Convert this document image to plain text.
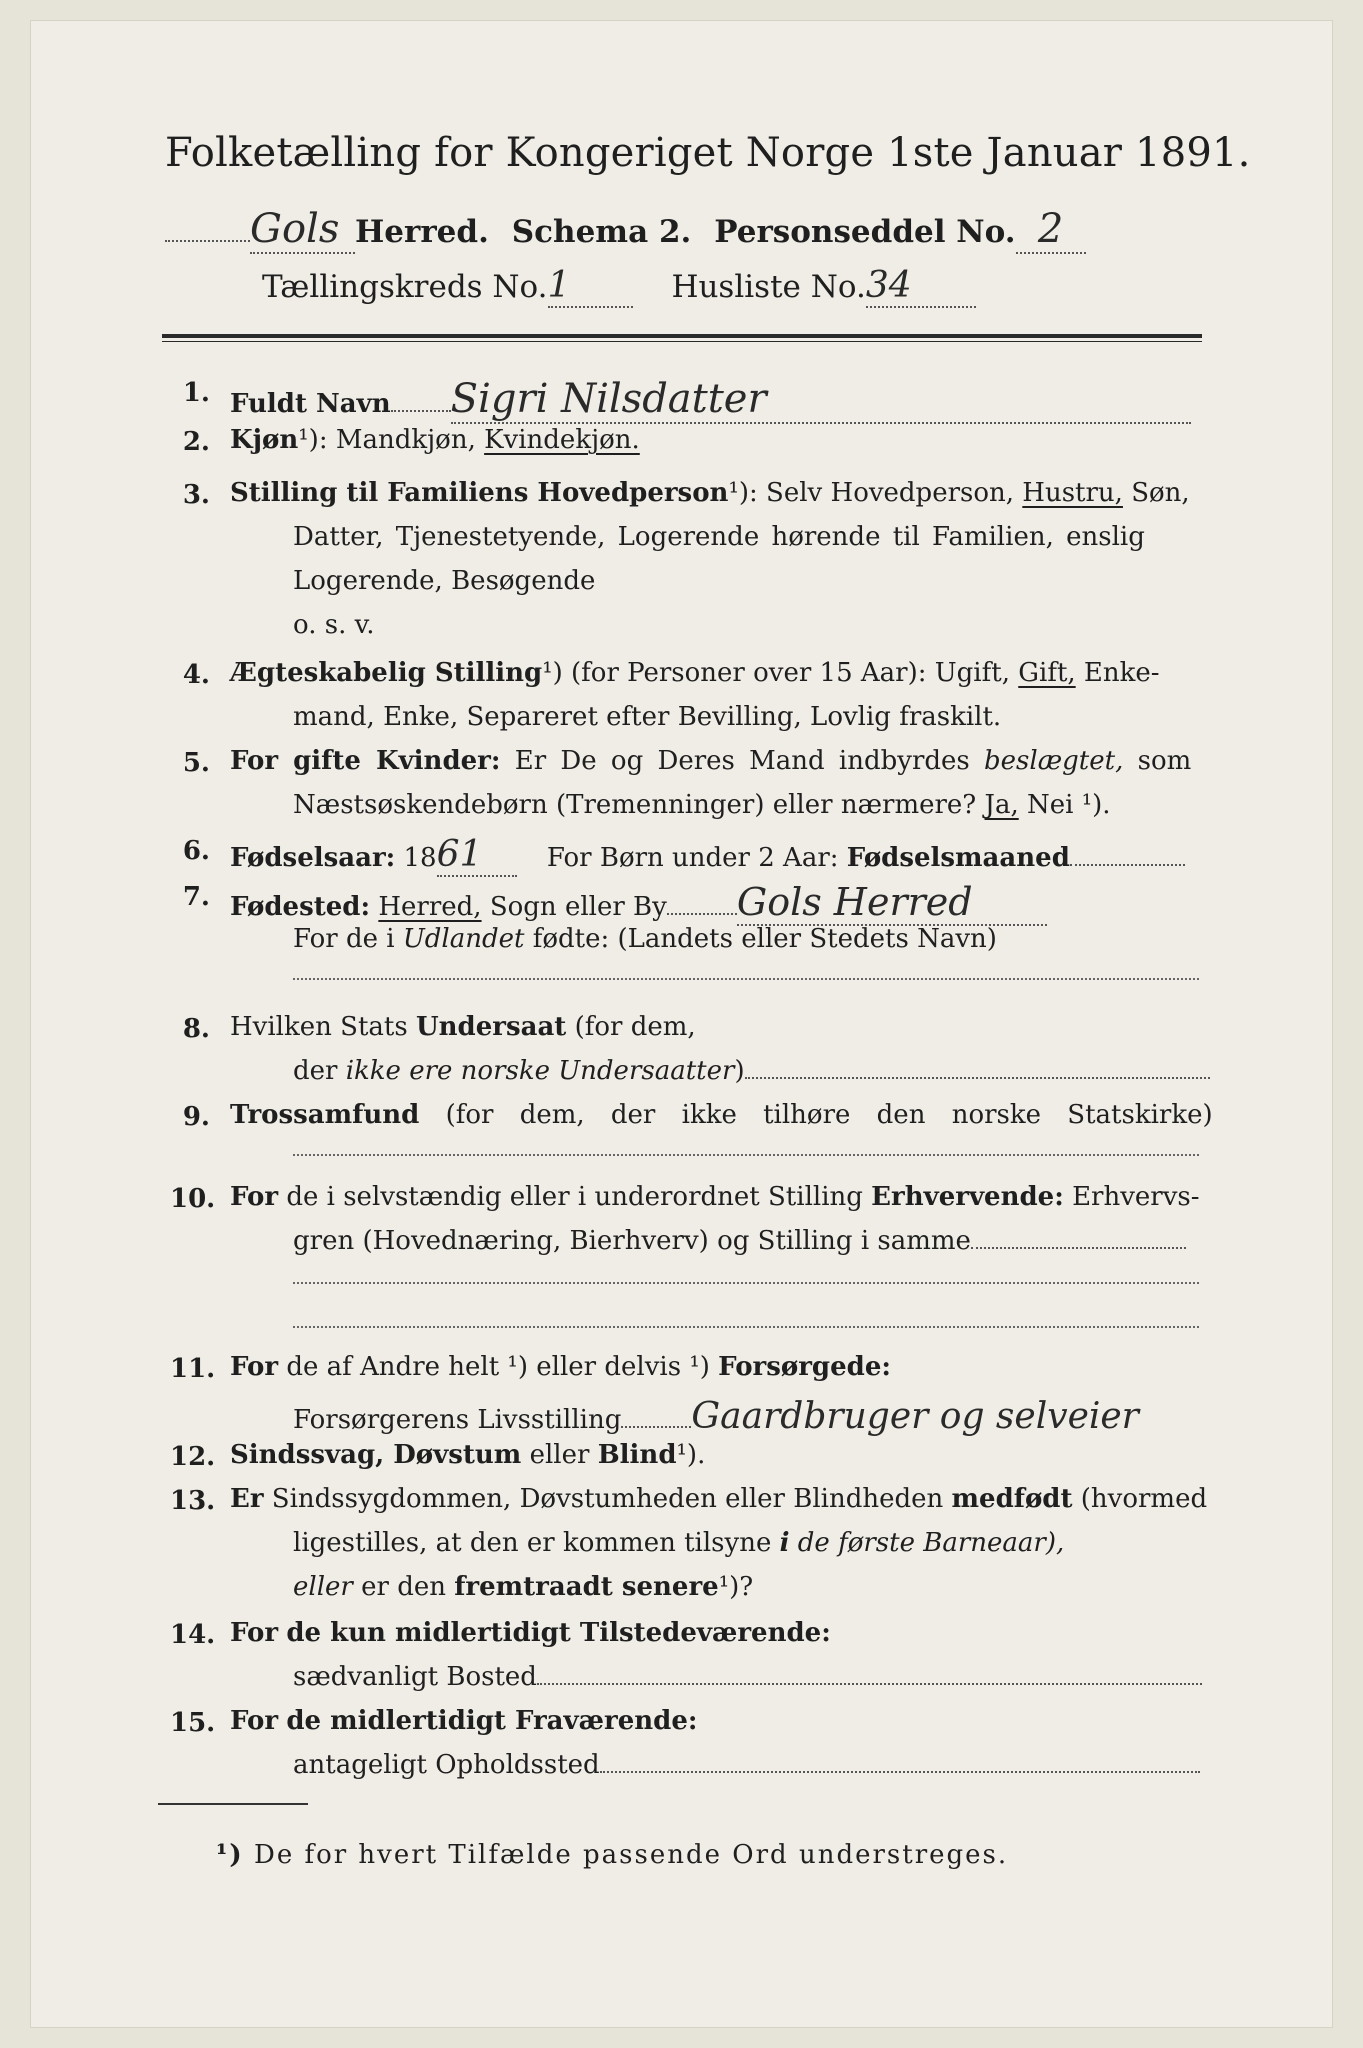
Folketælling for Kongeriget Norge 1ste Januar 1891.
Gols Herred. Schema 2. Personseddel No. 2
Tællingskreds No.1	Husliste No.34
1. Fuldt Navn Sigri Nilsdatter
2. Kjøn¹): Mandkjøn, Kvindekjøn.
3. Stilling til Familiens Hovedperson¹): Selv Hovedperson, Hustru, Søn,
Datter, Tjenestetyende, Logerende hørende til Familien, enslig
Logerende, Besøgende
o. s. v.
4. Ægteskabelig Stilling¹) (for Personer over 15 Aar): Ugift, Gift, Enke-
mand, Enke, Separeret efter Bevilling, Lovlig fraskilt.
5. For gifte Kvinder: Er De og Deres Mand indbyrdes beslægtet, som
Næstsøskendebørn (Tremenninger) eller nærmere? Ja, Nei ¹).
6. Fødselsaar: 1861 For Børn under 2 Aar: Fødselsmaaned
7. Fødested: Herred, Sogn eller By Gols Herred
For de i Udlandet fødte: (Landets eller Stedets Navn)
8. Hvilken Stats Undersaat (for dem,
der ikke ere norske Undersaatter)
9. Trossamfund (for dem, der ikke tilhøre den norske Statskirke)
10. For de i selvstændig eller i underordnet Stilling Erhvervende: Erhvervs-
gren (Hovednæring, Bierhverv) og Stilling i samme
11. For de af Andre helt ¹) eller delvis ¹) Forsørgede:
Forsørgerens Livsstilling Gaardbruger og selveier
12. Sindssvag, Døvstum eller Blind¹).
13. Er Sindssygdommen, Døvstumheden eller Blindheden medfødt (hvormed
ligestilles, at den er kommen tilsyne i de første Barneaar),
eller er den fremtraadt senere¹)?
14. For de kun midlertidigt Tilstedeværende:
sædvanligt Bosted
15. For de midlertidigt Fraværende:
antageligt Opholdssted
¹) De for hvert Tilfælde passende Ord understreges.
